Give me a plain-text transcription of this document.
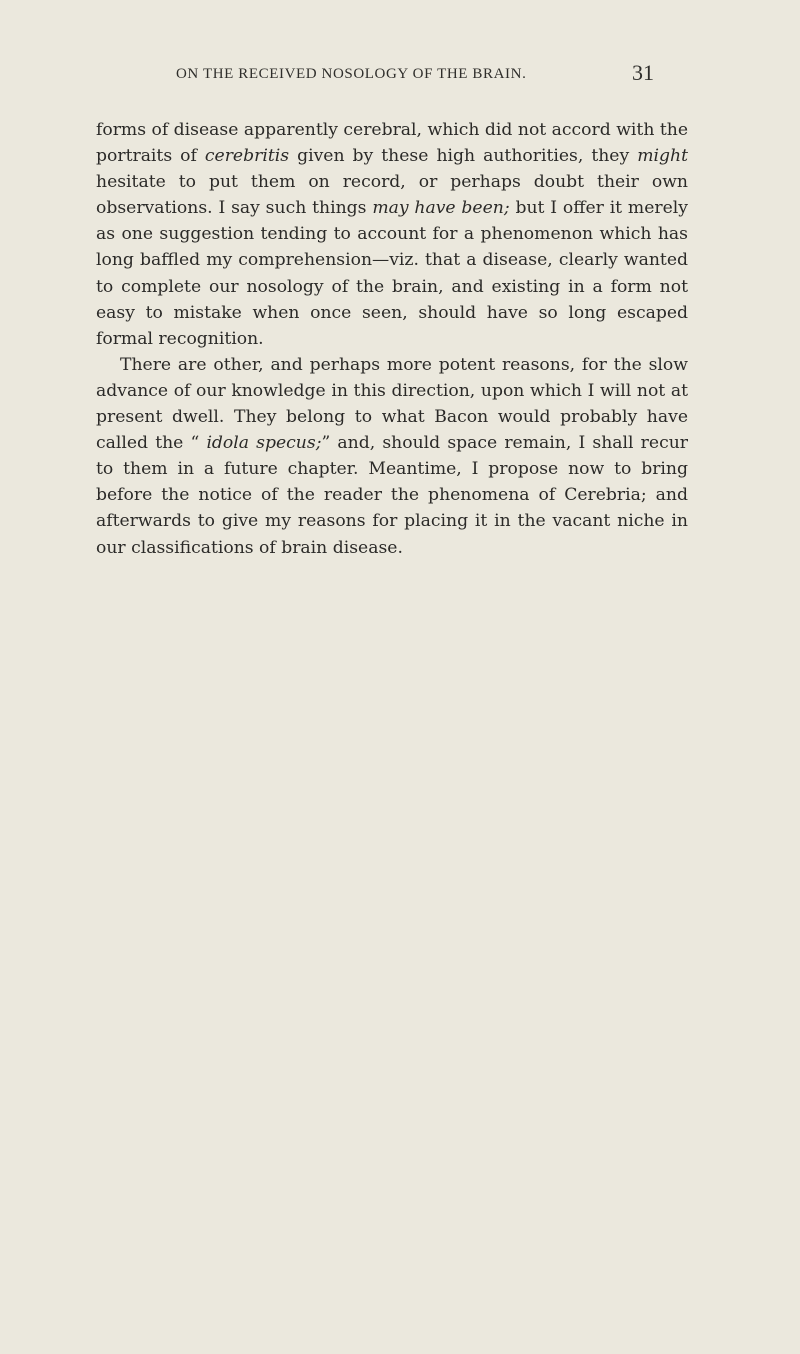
ON THE RECEIVED NOSOLOGY OF THE BRAIN.	31

forms of disease apparently cerebral, which did not accord with the portraits of cerebritis given by these high authorities, they might hesitate to put them on record, or perhaps doubt their own observations. I say such things may have been; but I offer it merely as one suggestion tending to account for a phenomenon which has long baffled my comprehension—viz. that a disease, clearly wanted to complete our nosology of the brain, and existing in a form not easy to mistake when once seen, should have so long escaped formal recognition.

There are other, and perhaps more potent reasons, for the slow advance of our knowledge in this direction, upon which I will not at present dwell. They belong to what Bacon would probably have called the “ idola specus;” and, should space remain, I shall recur to them in a future chapter. Meantime, I propose now to bring before the notice of the reader the phenomena of Cerebria; and afterwards to give my reasons for placing it in the vacant niche in our classifications of brain disease.
